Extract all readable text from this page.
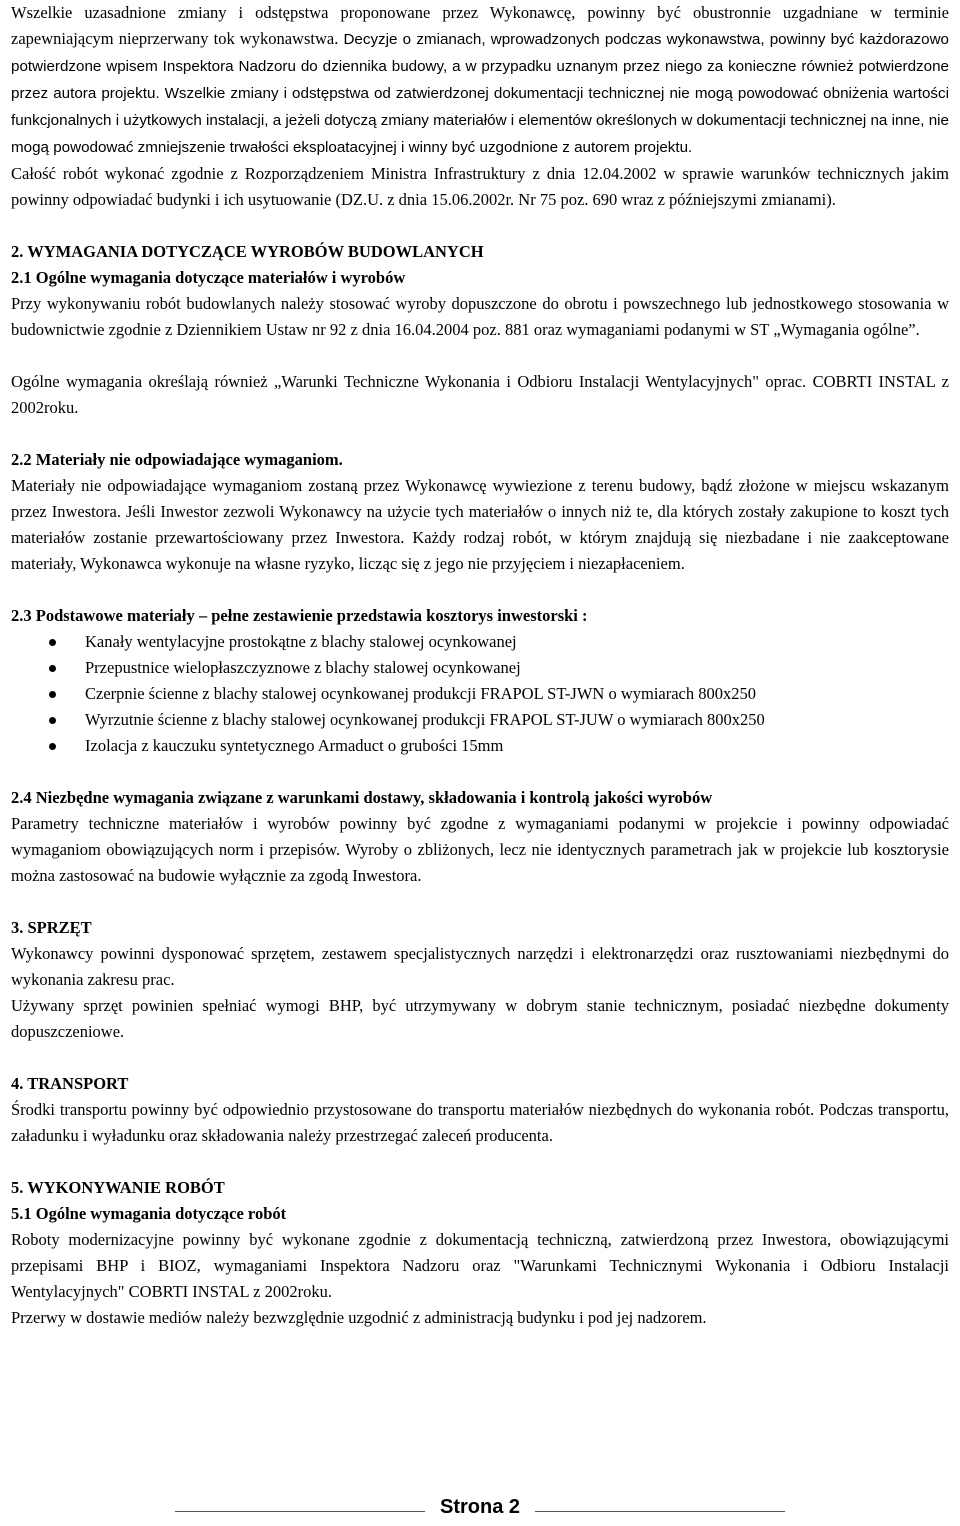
Wszelkie uzasadnione zmiany i odstępstwa proponowane przez Wykonawcę, powinny być obustronnie uzgadniane w terminie zapewniającym nieprzerwany tok wykonawstwa. Decyzje o zmianach, wprowadzonych podczas wykonawstwa, powinny być każdorazowo potwierdzone wpisem Inspektora Nadzoru do dziennika budowy, a w przypadku uznanym przez niego za konieczne również potwierdzone przez autora projektu. Wszelkie zmiany i odstępstwa od zatwierdzonej dokumentacji technicznej nie mogą powodować obniżenia wartości funkcjonalnych i użytkowych instalacji, a jeżeli dotyczą zmiany materiałów i elementów określonych w dokumentacji technicznej na inne, nie mogą powodować zmniejszenie trwałości eksploatacyjnej i winny być uzgodnione z autorem projektu.

Całość robót wykonać zgodnie z Rozporządzeniem Ministra Infrastruktury z dnia 12.04.2002 w sprawie warunków technicznych jakim powinny odpowiadać budynki i ich usytuowanie (DZ.U. z dnia 15.06.2002r. Nr 75 poz. 690 wraz z późniejszymi zmianami).

2. WYMAGANIA DOTYCZĄCE WYROBÓW BUDOWLANYCH

2.1 Ogólne wymagania dotyczące materiałów i wyrobów

Przy wykonywaniu robót budowlanych należy stosować wyroby dopuszczone do obrotu i powszechnego lub jednostkowego stosowania w budownictwie zgodnie z Dziennikiem Ustaw nr 92 z dnia 16.04.2004 poz. 881 oraz wymaganiami podanymi w ST „Wymagania ogólne”.

Ogólne wymagania określają również „Warunki Techniczne Wykonania i Odbioru Instalacji Wentylacyjnych" oprac. COBRTI INSTAL z 2002roku.

2.2 Materiały nie odpowiadające wymaganiom.

Materiały nie odpowiadające wymaganiom zostaną przez Wykonawcę wywiezione z terenu budowy, bądź złożone w miejscu wskazanym przez Inwestora. Jeśli Inwestor zezwoli Wykonawcy na użycie tych materiałów o innych niż te, dla których zostały zakupione to koszt tych materiałów zostanie przewartościowany przez Inwestora. Każdy rodzaj robót, w którym znajdują się niezbadane i nie zaakceptowane materiały, Wykonawca wykonuje na własne ryzyko, licząc się z jego nie przyjęciem i niezapłaceniem.

2.3 Podstawowe materiały – pełne zestawienie przedstawia kosztorys inwestorski :

Kanały wentylacyjne prostokątne z blachy stalowej ocynkowanej
Przepustnice wielopłaszczyznowe z blachy stalowej ocynkowanej
Czerpnie ścienne z blachy stalowej ocynkowanej produkcji FRAPOL ST-JWN o wymiarach 800x250
Wyrzutnie ścienne z blachy stalowej ocynkowanej produkcji FRAPOL ST-JUW o wymiarach 800x250
Izolacja z kauczuku syntetycznego Armaduct o grubości 15mm

2.4 Niezbędne wymagania związane z warunkami dostawy, składowania i kontrolą jakości wyrobów

Parametry techniczne materiałów i wyrobów powinny być zgodne z wymaganiami podanymi w projekcie i powinny odpowiadać wymaganiom obowiązujących norm i przepisów. Wyroby o zbliżonych, lecz nie identycznych parametrach jak w projekcie lub kosztorysie można zastosować na budowie wyłącznie za zgodą Inwestora.

3. SPRZĘT

Wykonawcy powinni dysponować sprzętem, zestawem specjalistycznych narzędzi i elektronarzędzi oraz rusztowaniami niezbędnymi do wykonania zakresu prac.

Używany sprzęt powinien spełniać wymogi BHP, być utrzymywany w dobrym stanie technicznym, posiadać niezbędne dokumenty dopuszczeniowe.

4. TRANSPORT

Środki transportu powinny być odpowiednio przystosowane do transportu materiałów niezbędnych do wykonania robót. Podczas transportu, załadunku i wyładunku oraz składowania należy przestrzegać zaleceń producenta.

5. WYKONYWANIE ROBÓT

5.1 Ogólne wymagania dotyczące robót

Roboty modernizacyjne powinny być wykonane zgodnie z dokumentacją techniczną, zatwierdzoną przez Inwestora, obowiązującymi przepisami BHP i BIOZ, wymaganiami Inspektora Nadzoru oraz "Warunkami Technicznymi Wykonania i Odbioru Instalacji Wentylacyjnych" COBRTI INSTAL z 2002roku.

Przerwy w dostawie mediów należy bezwzględnie uzgodnić z administracją budynku i pod jej nadzorem.

Strona 2
